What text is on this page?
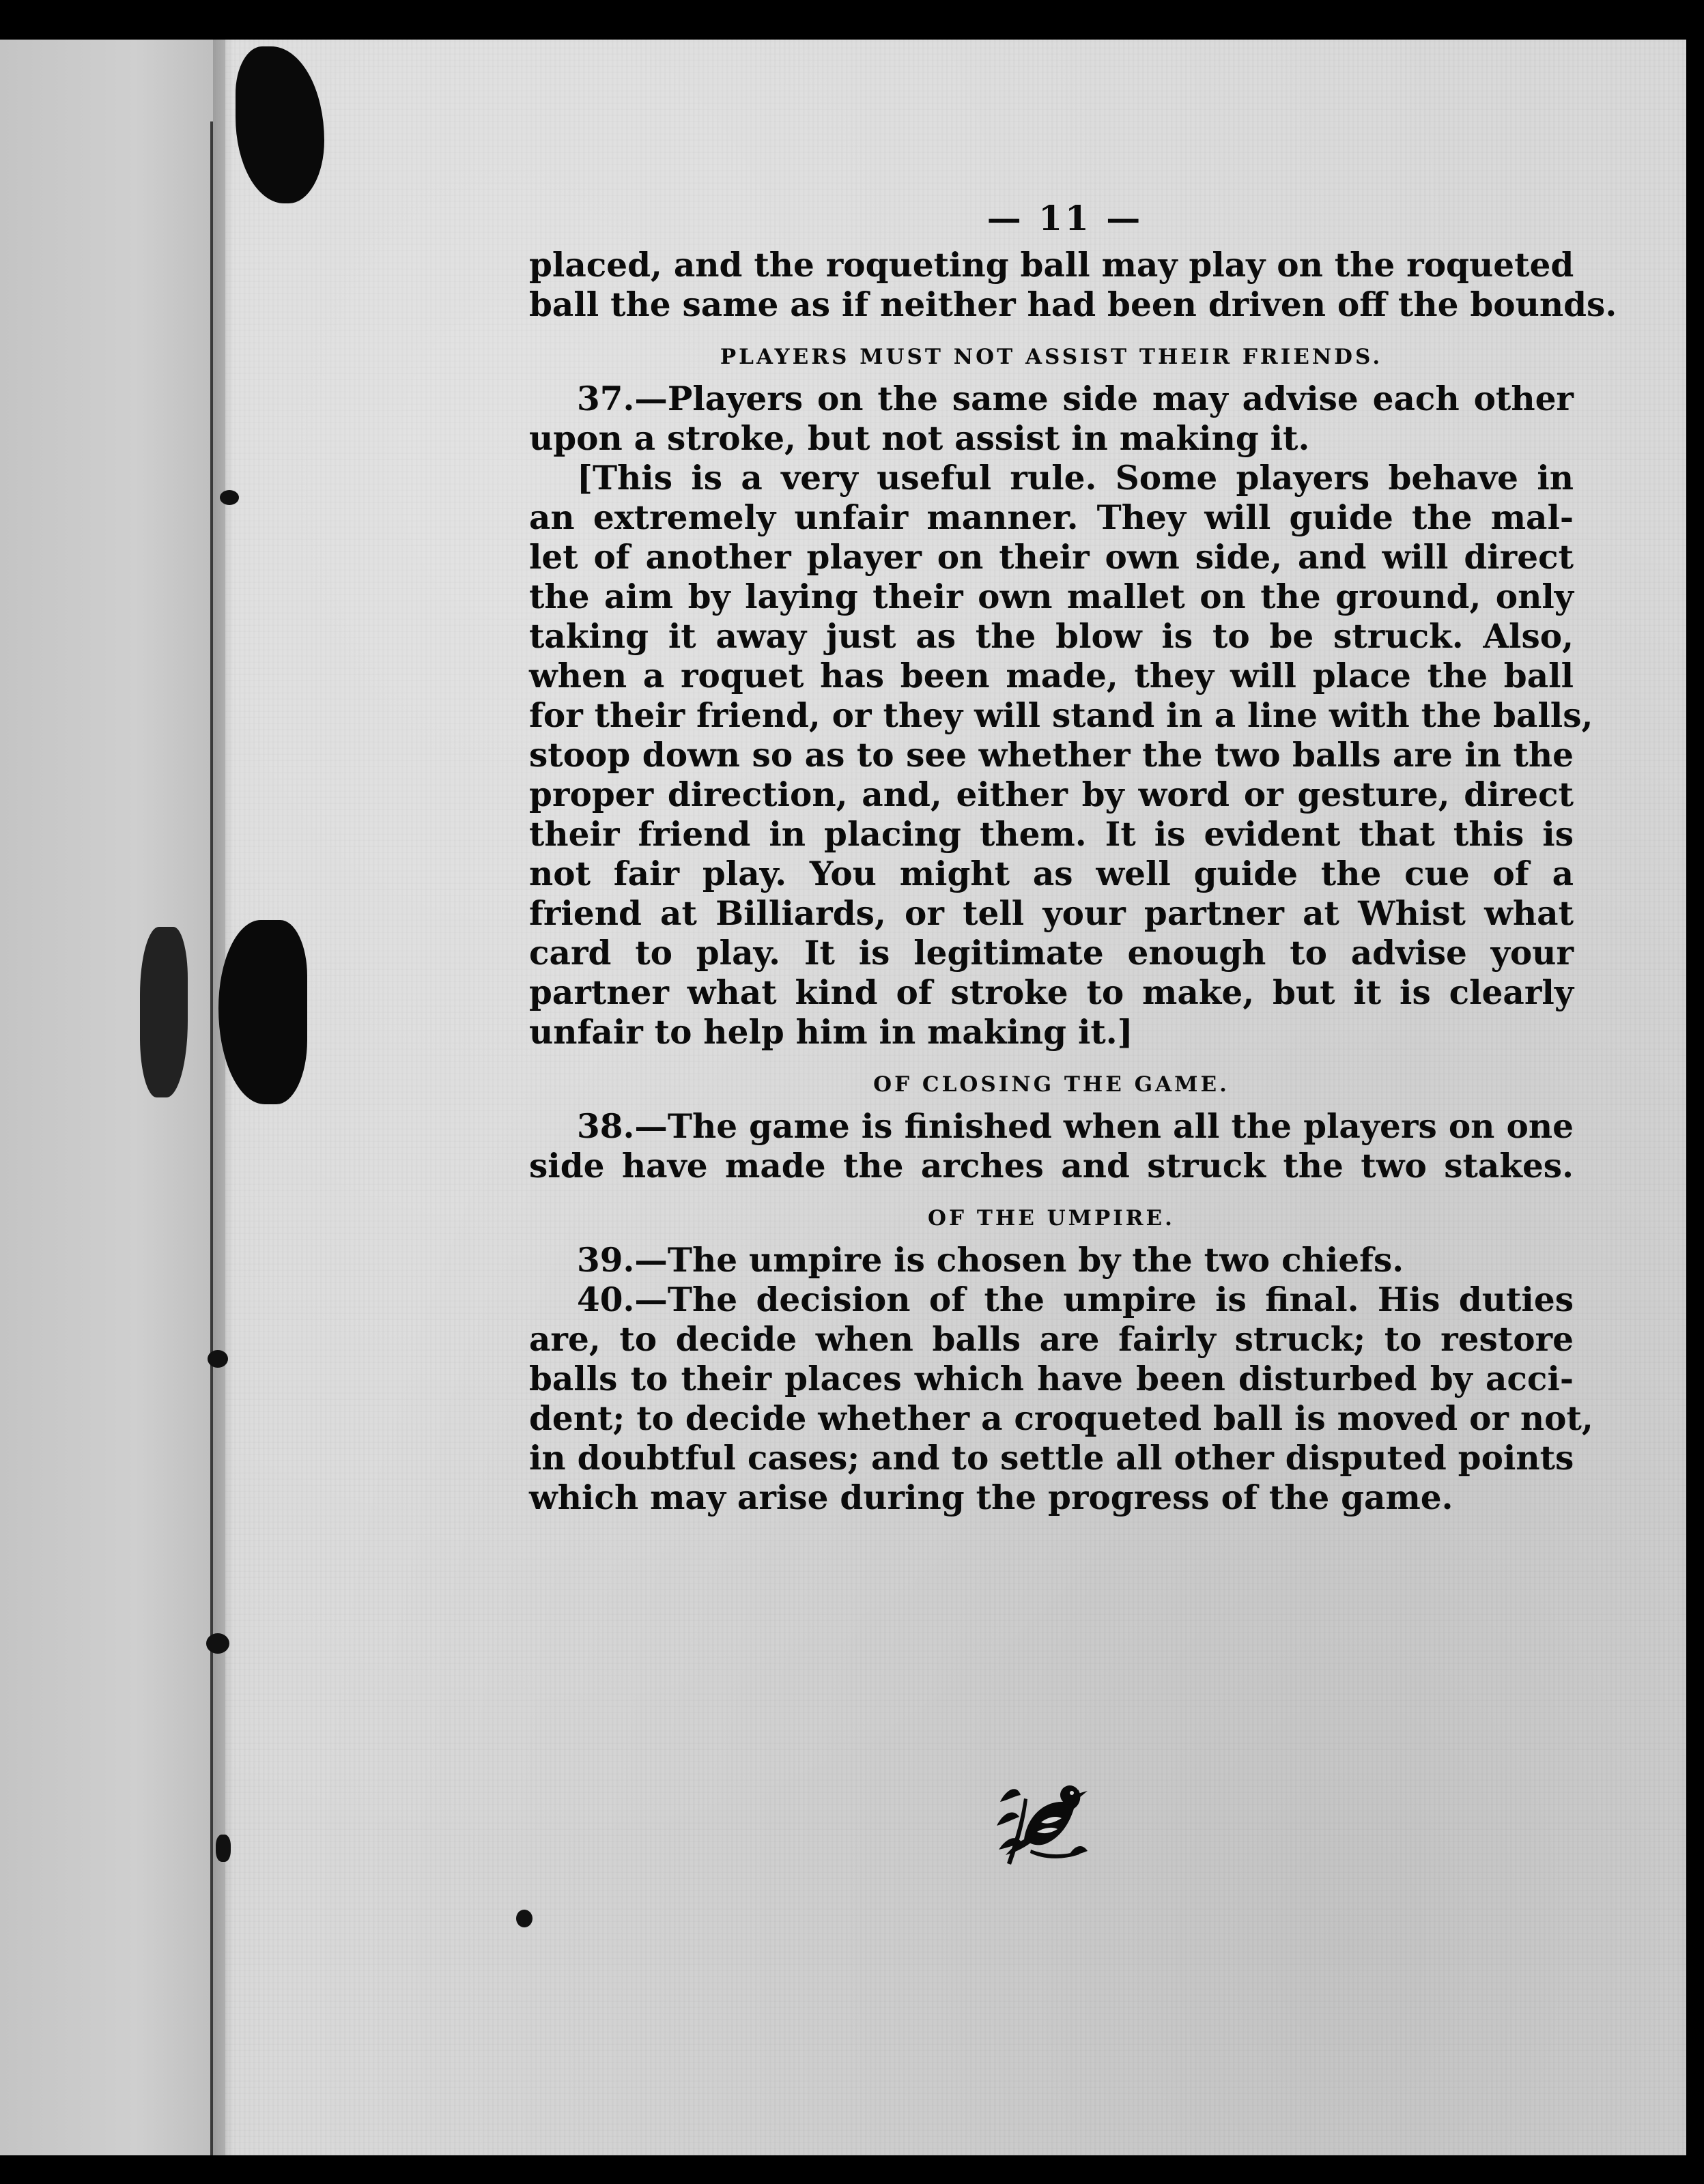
— 11 —
placed, and the roqueting ball may play on the roqueted
ball the same as if neither had been driven off the bounds.
PLAYERS MUST NOT ASSIST THEIR FRIENDS.
37.—Players on the same side may advise each other
upon a stroke, but not assist in making it.
[This is a very useful rule. Some players behave in
an extremely unfair manner. They will guide the mal-
let of another player on their own side, and will direct
the aim by laying their own mallet on the ground, only
taking it away just as the blow is to be struck. Also,
when a roquet has been made, they will place the ball
for their friend, or they will stand in a line with the balls,
stoop down so as to see whether the two balls are in the
proper direction, and, either by word or gesture, direct
their friend in placing them. It is evident that this is
not fair play. You might as well guide the cue of a
friend at Billiards, or tell your partner at Whist what
card to play. It is legitimate enough to advise your
partner what kind of stroke to make, but it is clearly
unfair to help him in making it.]
OF CLOSING THE GAME.
38.—The game is finished when all the players on one
side have made the arches and struck the two stakes.
OF THE UMPIRE.
39.—The umpire is chosen by the two chiefs.
40.—The decision of the umpire is final. His duties
are, to decide when balls are fairly struck; to restore
balls to their places which have been disturbed by acci-
dent; to decide whether a croqueted ball is moved or not,
in doubtful cases; and to settle all other disputed points
which may arise during the progress of the game.
